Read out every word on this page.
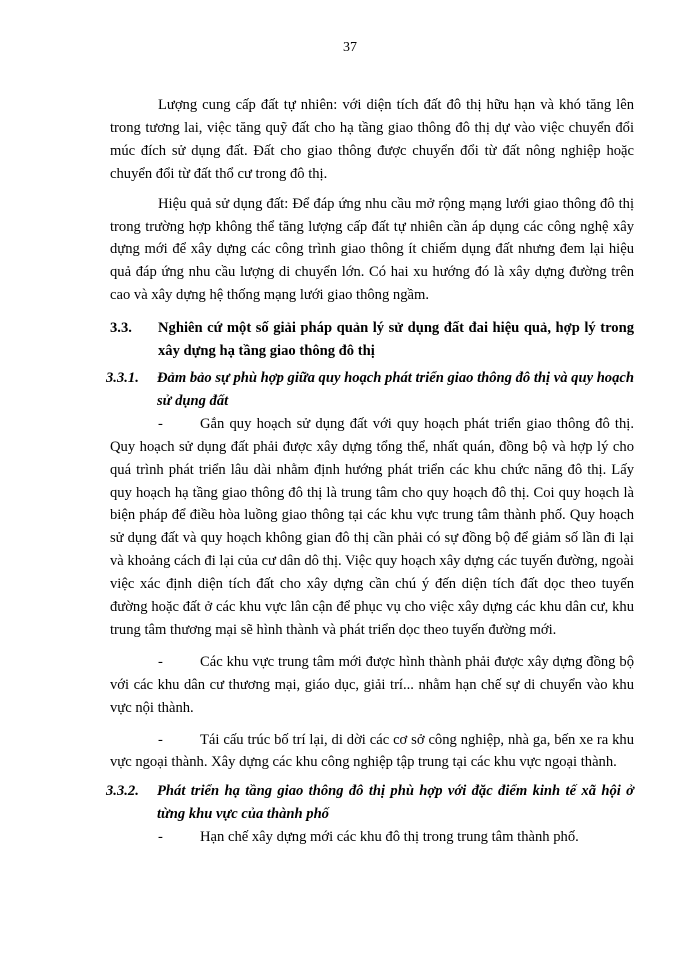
37

Lượng cung cấp đất tự nhiên: với diện tích đất đô thị hữu hạn và khó tăng lên trong tương lai, việc tăng quỹ đất cho hạ tầng giao thông đô thị dự vào việc chuyển đổi múc đích sử dụng đất. Đất cho giao thông được chuyển đổi từ đất nông nghiệp hoặc chuyển đổi từ đất thổ cư trong đô thị.

Hiệu quả sử dụng đất: Để đáp ứng nhu cầu mở rộng mạng lưới giao thông đô thị trong trường hợp không thể tăng lượng cấp đất tự nhiên cần áp dụng các công nghệ xây dựng mới để xây dựng các công trình giao thông ít chiếm dụng đất nhưng đem lại hiệu quả đáp ứng nhu cầu lượng di chuyển lớn. Có hai xu hướng đó là xây dựng đường trên cao và xây dựng hệ thống mạng lưới giao thông ngầm.

3.3.	Nghiên cứ một số giải pháp quản lý sử dụng đất đai hiệu quả, hợp lý trong xây dựng hạ tầng giao thông đô thị
3.3.1.	Đảm bảo sự phù hợp giữa quy hoạch phát triển giao thông đô thị và quy hoạch sử dụng đất

-	Gắn quy hoạch sử dụng đất với quy hoạch phát triển giao thông đô thị. Quy hoạch sử dụng đất phải được xây dựng tổng thể, nhất quán, đồng bộ và hợp lý cho quá trình phát triển lâu dài nhằm định hướng phát triển các khu chức năng đô thị. Lấy quy hoạch hạ tầng giao thông đô thị là trung tâm cho quy hoạch đô thị. Coi quy hoạch là biện pháp để điều hòa luồng giao thông tại các khu vực trung tâm thành phố. Quy hoạch sử dụng đất và quy hoạch không gian đô thị cần phải có sự đồng bộ để giảm số lần đi lại và khoảng cách đi lại của cư dân dô thị. Việc quy hoạch xây dựng các tuyến đường, ngoài việc xác định diện tích đất cho xây dựng cần chú ý đến diện tích đất dọc theo tuyến đường hoặc đất ở các khu vực lân cận để phục vụ cho việc xây dựng các khu dân cư, khu trung tâm thương mại sẽ hình thành và phát triển dọc theo tuyến đường mới.

-	Các khu vực trung tâm mới được hình thành phải được xây dựng đồng bộ với các khu dân cư thương mại, giáo dục, giải trí... nhằm hạn chế sự di chuyển vào khu vực nội thành.

-	Tái cấu trúc bố trí lại, di dời các cơ sở công nghiệp, nhà ga, bến xe ra khu vực ngoại thành. Xây dựng các khu công nghiệp tập trung tại các khu vực ngoại thành.

3.3.2.	Phát triển hạ tầng giao thông đô thị phù hợp với đặc điểm kinh tế xã hội ở từng khu vực của thành phố

-	Hạn chế xây dựng mới các khu đô thị trong trung tâm thành phố.
